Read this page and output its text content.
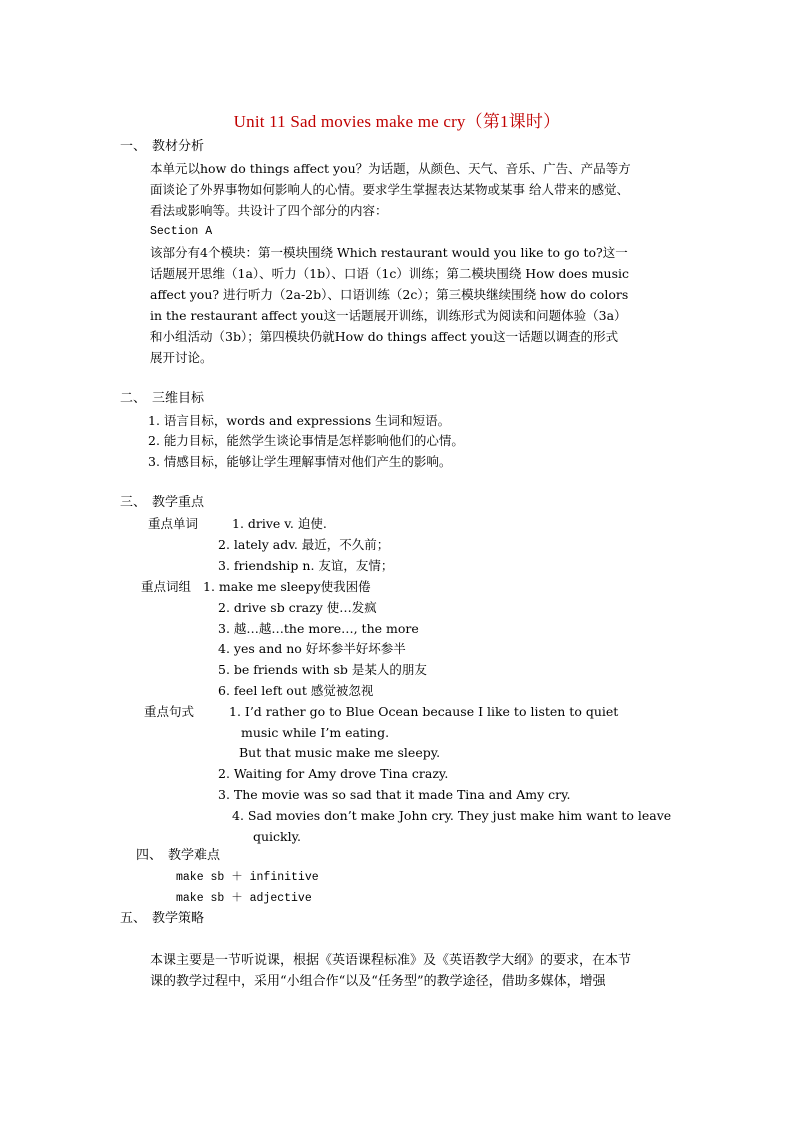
Unit 11 Sad movies make me cry（第1课时）
一、 教材分析
本单元以how do things affect you？为话题，从颜色、天气、音乐、广告、产品等方
面谈论了外界事物如何影响人的心情。要求学生掌握表达某物或某事 给人带来的感觉、
看法或影响等。共设计了四个部分的内容：
Section A
该部分有4个模块：第一模块围绕 Which restaurant would you like to go to?这一
话题展开思维（1a）、听力（1b）、口语（1c）训练；第二模块围绕 How does music
affect you? 进行听力（2a-2b）、口语训练（2c）；第三模块继续围绕 how do colors
in the restaurant affect you这一话题展开训练，训练形式为阅读和问题体验（3a）
和小组活动（3b）；第四模块仍就How do things affect you这一话题以调查的形式
展开讨论。
二、 三维目标
1. 语言目标，words and expressions 生词和短语。
2. 能力目标，能然学生谈论事情是怎样影响他们的心情。
3. 情感目标，能够让学生理解事情对他们产生的影响。
三、 教学重点
重点单词	1. drive v. 迫使.
2. lately adv. 最近，不久前；
3. friendship n. 友谊，友情；
重点词组 1. make me sleepy使我困倦
2. drive sb crazy 使…发疯
3. 越…越…the more…, the more
4. yes and no 好坏参半好坏参半
5. be friends with sb 是某人的朋友
6. feel left out 感觉被忽视
重点句式	1. I’d rather go to Blue Ocean because I like to listen to quiet
music while I’m eating.
But that music make me sleepy.
2. Waiting for Amy drove Tina crazy.
3. The movie was so sad that it made Tina and Amy cry.
4. Sad movies don’t make John cry. They just make him want to leave
quickly.
四、 教学难点
make sb ＋ infinitive
make sb ＋ adjective
五、 教学策略
本课主要是一节听说课，根据《英语课程标准》及《英语教学大纲》的要求，在本节
课的教学过程中，采用“小组合作“以及“任务型”的教学途径，借助多媒体，增强
